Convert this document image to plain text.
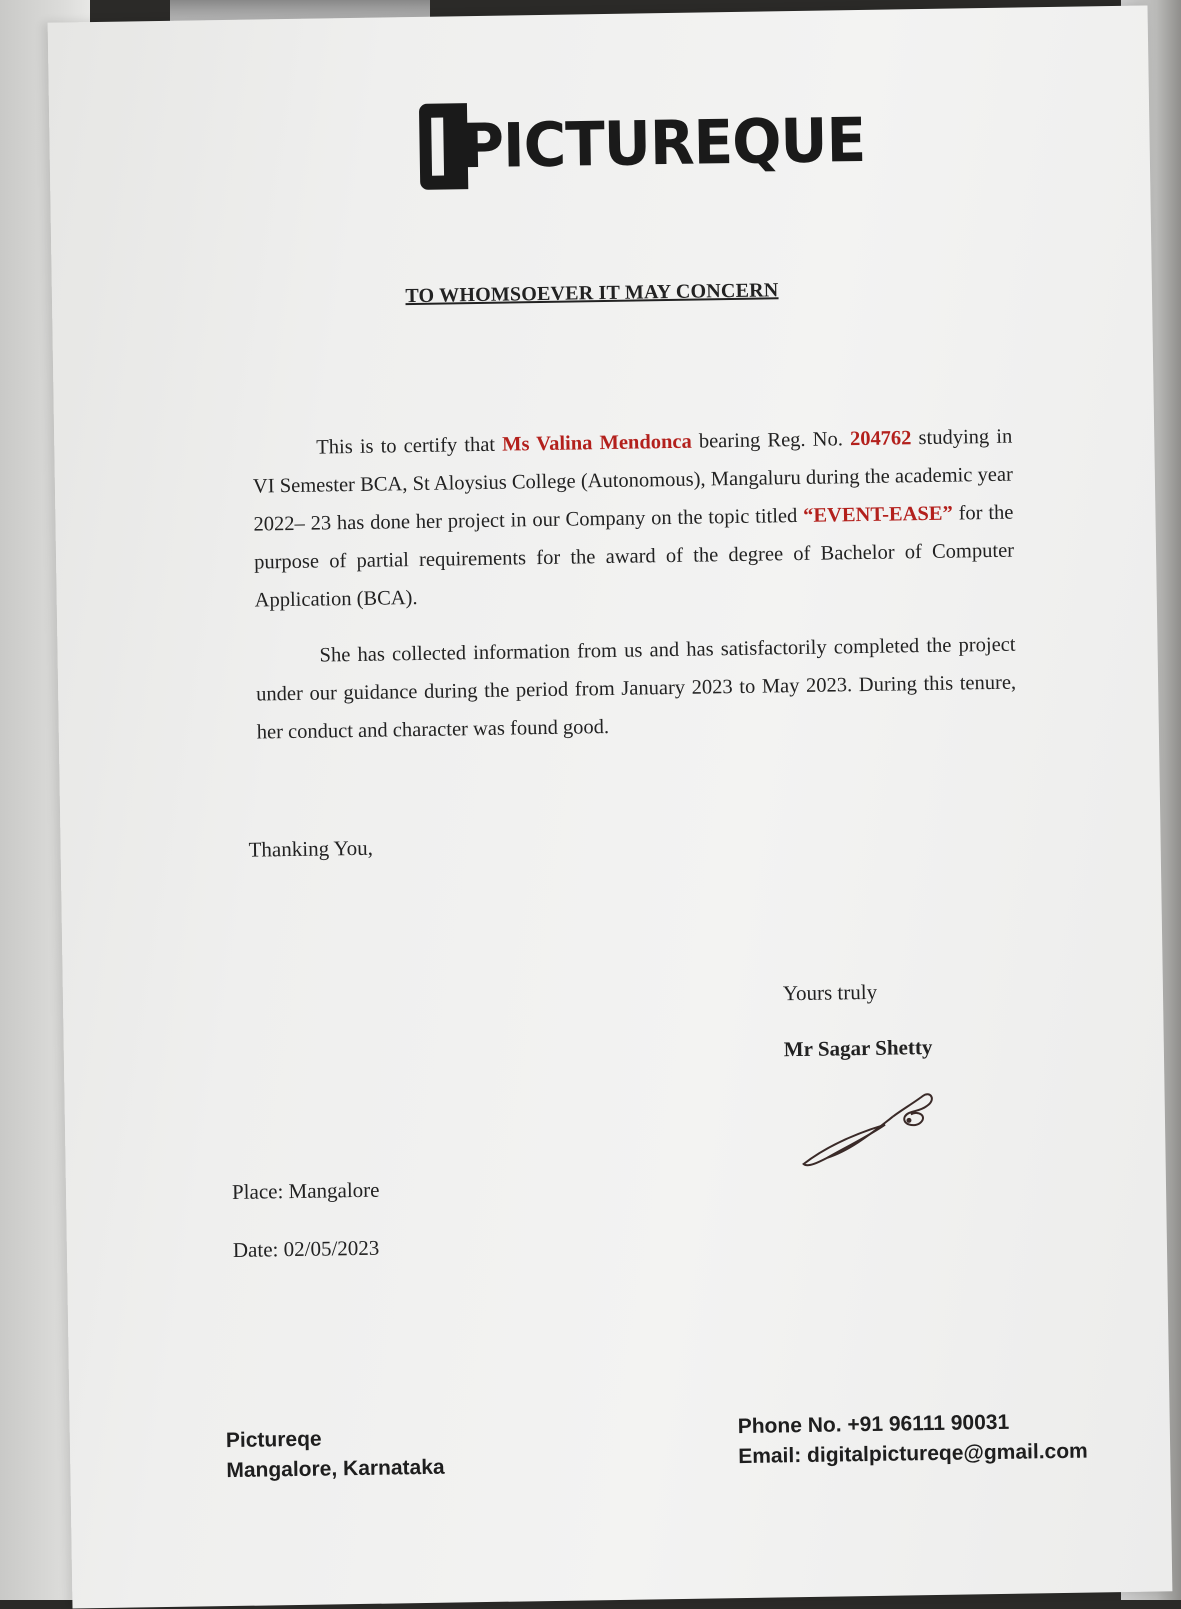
PICTUREQUE
TO WHOMSOEVER IT MAY CONCERN
This is to certify that Ms Valina Mendonca bearing Reg. No. 204762 studying in VI Semester BCA, St Aloysius College (Autonomous), Mangaluru during the academic year 2022– 23 has done her project in our Company on the topic titled “EVENT-EASE” for the purpose of partial requirements for the award of the degree of Bachelor of Computer Application (BCA).
She has collected information from us and has satisfactorily completed the project under our guidance during the period from January 2023 to May 2023. During this tenure, her conduct and character was found good.
Thanking You,
Yours truly
Mr Sagar Shetty
Place: Mangalore
Date: 02/05/2023
Pictureqe
Mangalore, Karnataka
Phone No. +91 96111 90031
Email: digitalpictureqe@gmail.com
